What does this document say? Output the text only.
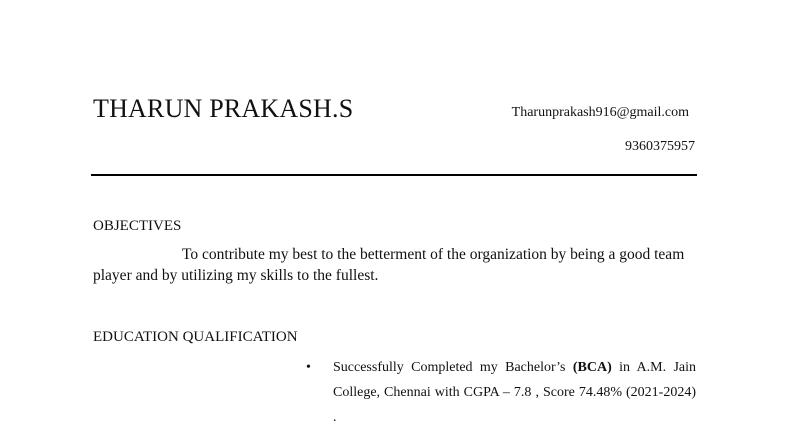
THARUN PRAKASH.S	Tharunprakash916@gmail.com
9360375957
OBJECTIVES

To contribute my best to the betterment of the organization by being a good team player and by utilizing my skills to the fullest.

EDUCATION QUALIFICATION
• Successfully Completed my Bachelor’s (BCA) in A.M. Jain College, Chennai with CGPA – 7.8 , Score 74.48% (2021-2024) .
